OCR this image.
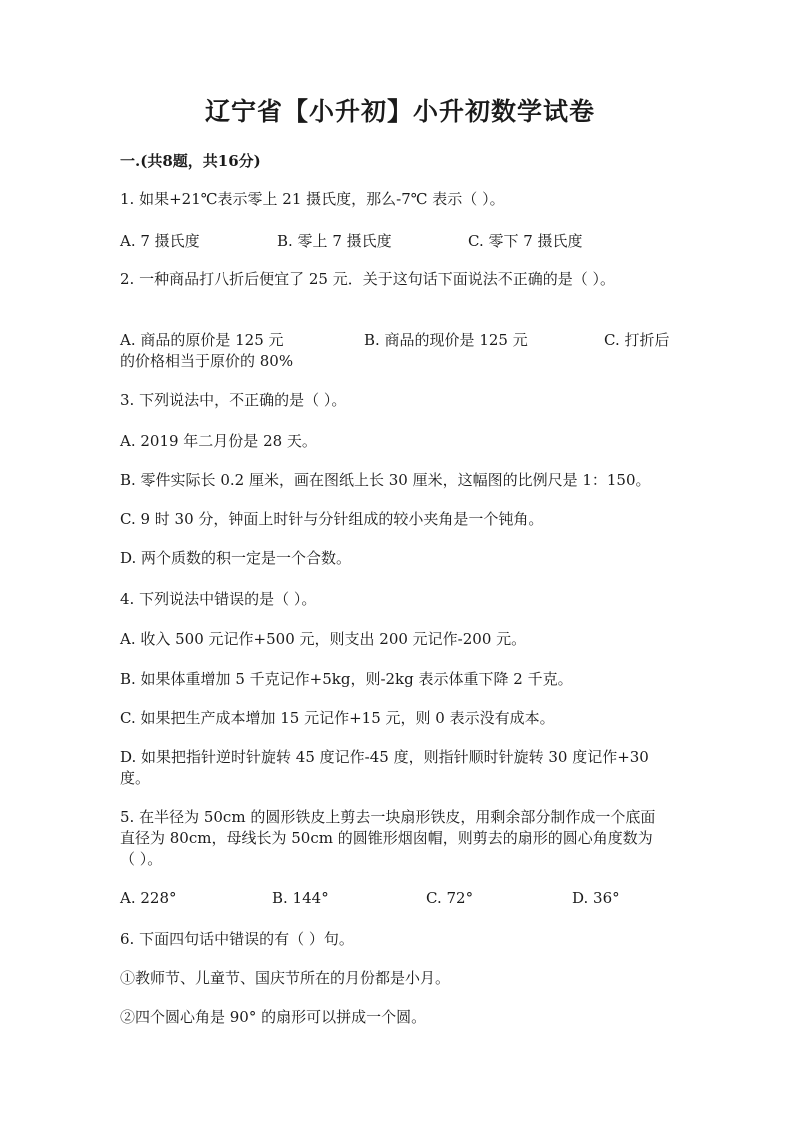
辽宁省【小升初】小升初数学试卷
一.(共8题，共16分)
1. 如果+21℃表示零上 21 摄氏度，那么-7℃ 表示（ ）。
A. 7 摄氏度	B. 零上 7 摄氏度	C. 零下 7 摄氏度
2. 一种商品打八折后便宜了 25 元．关于这句话下面说法不正确的是（ ）。
A. 商品的原价是 125 元	B. 商品的现价是 125 元	C. 打折后
的价格相当于原价的 80%
3. 下列说法中，不正确的是（ ）。
A. 2019 年二月份是 28 天。
B. 零件实际长 0.2 厘米，画在图纸上长 30 厘米，这幅图的比例尺是 1：150。
C. 9 时 30 分，钟面上时针与分针组成的较小夹角是一个钝角。
D. 两个质数的积一定是一个合数。
4. 下列说法中错误的是（ ）。
A. 收入 500 元记作+500 元，则支出 200 元记作-200 元。
B. 如果体重增加 5 千克记作+5kg，则-2kg 表示体重下降 2 千克。
C. 如果把生产成本增加 15 元记作+15 元，则 0 表示没有成本。
D. 如果把指针逆时针旋转 45 度记作-45 度，则指针顺时针旋转 30 度记作+30
度。
5. 在半径为 50cm 的圆形铁皮上剪去一块扇形铁皮，用剩余部分制作成一个底面
直径为 80cm，母线长为 50cm 的圆锥形烟囱帽，则剪去的扇形的圆心角度数为
（ ）。
A. 228°	B. 144°	C. 72°	D. 36°
6. 下面四句话中错误的有（ ）句。
①教师节、儿童节、国庆节所在的月份都是小月。
②四个圆心角是 90° 的扇形可以拼成一个圆。
